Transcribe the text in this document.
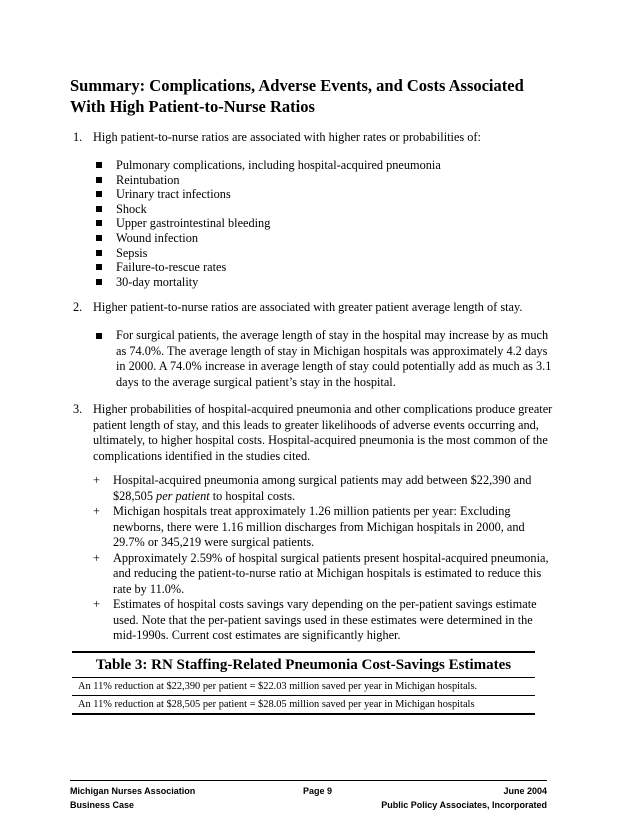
Summary: Complications, Adverse Events, and Costs Associated
With High Patient-to-Nurse Ratios
1. High patient-to-nurse ratios are associated with higher rates or probabilities of:
Pulmonary complications, including hospital-acquired pneumonia
Reintubation
Urinary tract infections
Shock
Upper gastrointestinal bleeding
Wound infection
Sepsis
Failure-to-rescue rates
30-day mortality
2. Higher patient-to-nurse ratios are associated with greater patient average length of stay.
For surgical patients, the average length of stay in the hospital may increase by as much
as 74.0%. The average length of stay in Michigan hospitals was approximately 4.2 days
in 2000. A 74.0% increase in average length of stay could potentially add as much as 3.1
days to the average surgical patient’s stay in the hospital.
3. Higher probabilities of hospital-acquired pneumonia and other complications produce greater
patient length of stay, and this leads to greater likelihoods of adverse events occurring and,
ultimately, to higher hospital costs. Hospital-acquired pneumonia is the most common of the
complications identified in the studies cited.
+ Hospital-acquired pneumonia among surgical patients may add between $22,390 and
$28,505 per patient to hospital costs.
+ Michigan hospitals treat approximately 1.26 million patients per year: Excluding
newborns, there were 1.16 million discharges from Michigan hospitals in 2000, and
29.7% or 345,219 were surgical patients.
+ Approximately 2.59% of hospital surgical patients present hospital-acquired pneumonia,
and reducing the patient-to-nurse ratio at Michigan hospitals is estimated to reduce this
rate by 11.0%.
+ Estimates of hospital costs savings vary depending on the per-patient savings estimate
used. Note that the per-patient savings used in these estimates were determined in the
mid-1990s. Current cost estimates are significantly higher.
Table 3: RN Staffing-Related Pneumonia Cost-Savings Estimates
An 11% reduction at $22,390 per patient = $22.03 million saved per year in Michigan hospitals.
An 11% reduction at $28,505 per patient = $28.05 million saved per year in Michigan hospitals
Michigan Nurses Association
Business Case
Page 9	June 2004
Public Policy Associates, Incorporated
